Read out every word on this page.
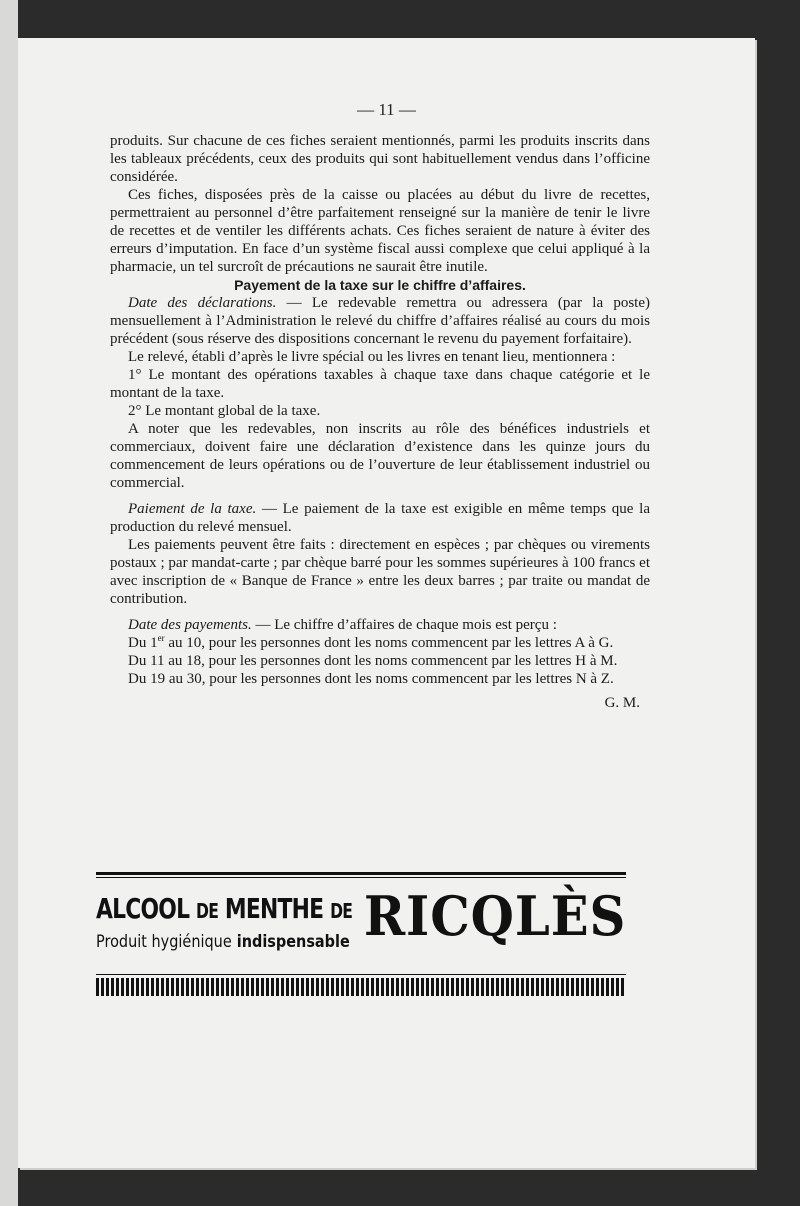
— 11 —

produits. Sur chacune de ces fiches seraient mentionnés, parmi les produits inscrits dans les tableaux précédents, ceux des produits qui sont habituellement vendus dans l’officine considérée.

Ces fiches, disposées près de la caisse ou placées au début du livre de recettes, permettraient au personnel d’être parfaitement renseigné sur la manière de tenir le livre de recettes et de ventiler les différents achats. Ces fiches seraient de nature à éviter des erreurs d’imputation. En face d’un système fiscal aussi complexe que celui appliqué à la pharmacie, un tel surcroît de précautions ne saurait être inutile.

Payement de la taxe sur le chiffre d’affaires.

Date des déclarations. — Le redevable remettra ou adressera (par la poste) mensuellement à l’Administration le relevé du chiffre d’affaires réalisé au cours du mois précédent (sous réserve des dispositions concernant le revenu du payement forfaitaire).

Le relevé, établi d’après le livre spécial ou les livres en tenant lieu, mentionnera :

1° Le montant des opérations taxables à chaque taxe dans chaque catégorie et le montant de la taxe.

2° Le montant global de la taxe.

A noter que les redevables, non inscrits au rôle des bénéfices industriels et commerciaux, doivent faire une déclaration d’existence dans les quinze jours du commencement de leurs opérations ou de l’ouverture de leur établissement industriel ou commercial.

Paiement de la taxe. — Le paiement de la taxe est exigible en même temps que la production du relevé mensuel.

Les paiements peuvent être faits : directement en espèces ; par chèques ou virements postaux ; par mandat-carte ; par chèque barré pour les sommes supérieures à 100 francs et avec inscription de « Banque de France » entre les deux barres ; par traite ou mandat de contribution.

Date des payements. — Le chiffre d’affaires de chaque mois est perçu :

Du 1er au 10, pour les personnes dont les noms commencent par les lettres A à G.

Du 11 au 18, pour les personnes dont les noms commencent par les lettres H à M.

Du 19 au 30, pour les personnes dont les noms commencent par les lettres N à Z.

G. M.

ALCOOL DE MENTHE DE
Produit hygiénique indispensable RICQLÈS
